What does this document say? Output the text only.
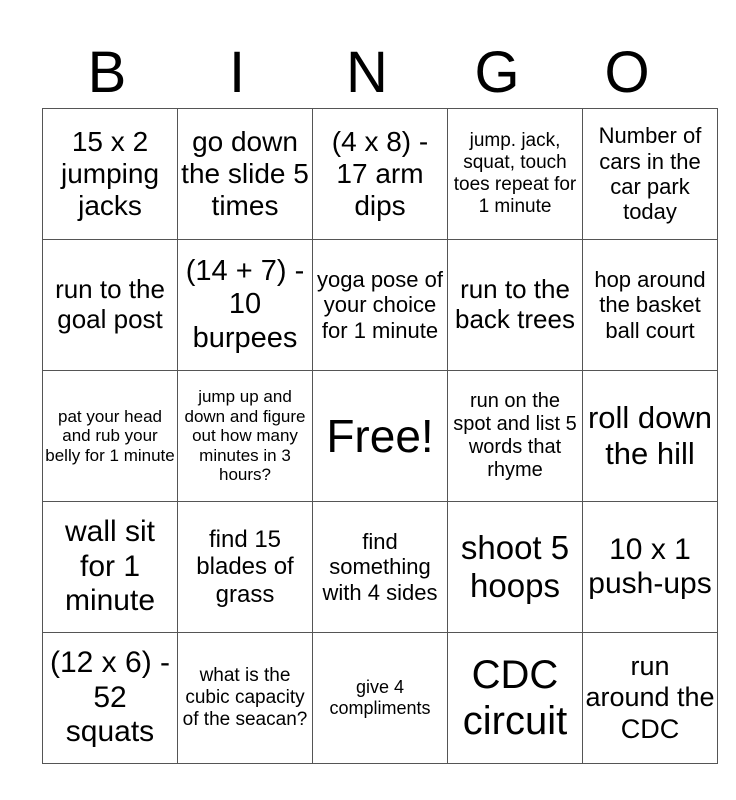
B	I	N	G	O
15 x 2 jumping jacks	go down the slide 5 times	(4 x 8) - 17 arm dips	jump. jack, squat, touch toes repeat for 1 minute	Number of cars in the car park today
run to the goal post	(14 + 7) - 10 burpees	yoga pose of your choice for 1 minute	run to the back trees	hop around the basket ball court
pat your head and rub your belly for 1 minute	jump up and down and figure out how many minutes in 3 hours?	Free!	run on the spot and list 5 words that rhyme	roll down the hill
wall sit for 1 minute	find 15 blades of grass	find something with 4 sides	shoot 5 hoops	10 x 1 push-ups
(12 x 6) - 52 squats	what is the cubic capacity of the seacan?	give 4 compliments	CDC circuit	run around the CDC
